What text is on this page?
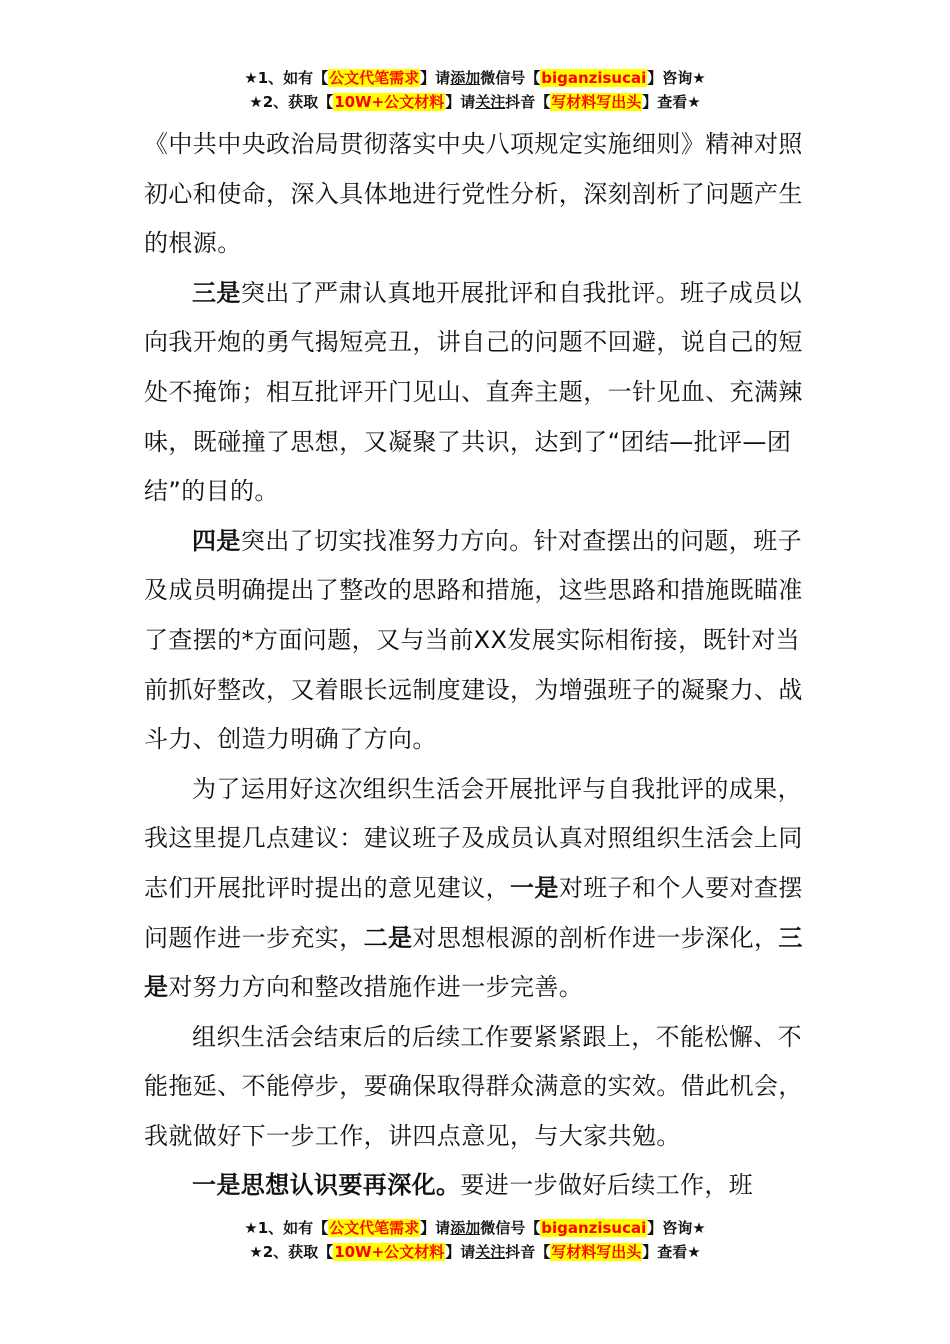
★1、如有【公文代笔需求】请添加微信号【biganzisucai】咨询★
★2、获取【10W+公文材料】请关注抖音【写材料写出头】查看★

《中共中央政治局贯彻落实中央八项规定实施细则》精神对照初心和使命，深入具体地进行党性分析，深刻剖析了问题产生的根源。

三是突出了严肃认真地开展批评和自我批评。班子成员以向我开炮的勇气揭短亮丑，讲自己的问题不回避，说自己的短处不掩饰；相互批评开门见山、直奔主题，一针见血、充满辣味，既碰撞了思想，又凝聚了共识，达到了“团结—批评—团结”的目的。

四是突出了切实找准努力方向。针对查摆出的问题，班子及成员明确提出了整改的思路和措施，这些思路和措施既瞄准了查摆的*方面问题，又与当前XX发展实际相衔接，既针对当前抓好整改，又着眼长远制度建设，为增强班子的凝聚力、战斗力、创造力明确了方向。

为了运用好这次组织生活会开展批评与自我批评的成果，我这里提几点建议：建议班子及成员认真对照组织生活会上同志们开展批评时提出的意见建议，一是对班子和个人要对查摆问题作进一步充实，二是对思想根源的剖析作进一步深化，三是对努力方向和整改措施作进一步完善。

组织生活会结束后的后续工作要紧紧跟上，不能松懈、不能拖延、不能停步，要确保取得群众满意的实效。借此机会，我就做好下一步工作，讲四点意见，与大家共勉。

一是思想认识要再深化。要进一步做好后续工作，班

★1、如有【公文代笔需求】请添加微信号【biganzisucai】咨询★
★2、获取【10W+公文材料】请关注抖音【写材料写出头】查看★
